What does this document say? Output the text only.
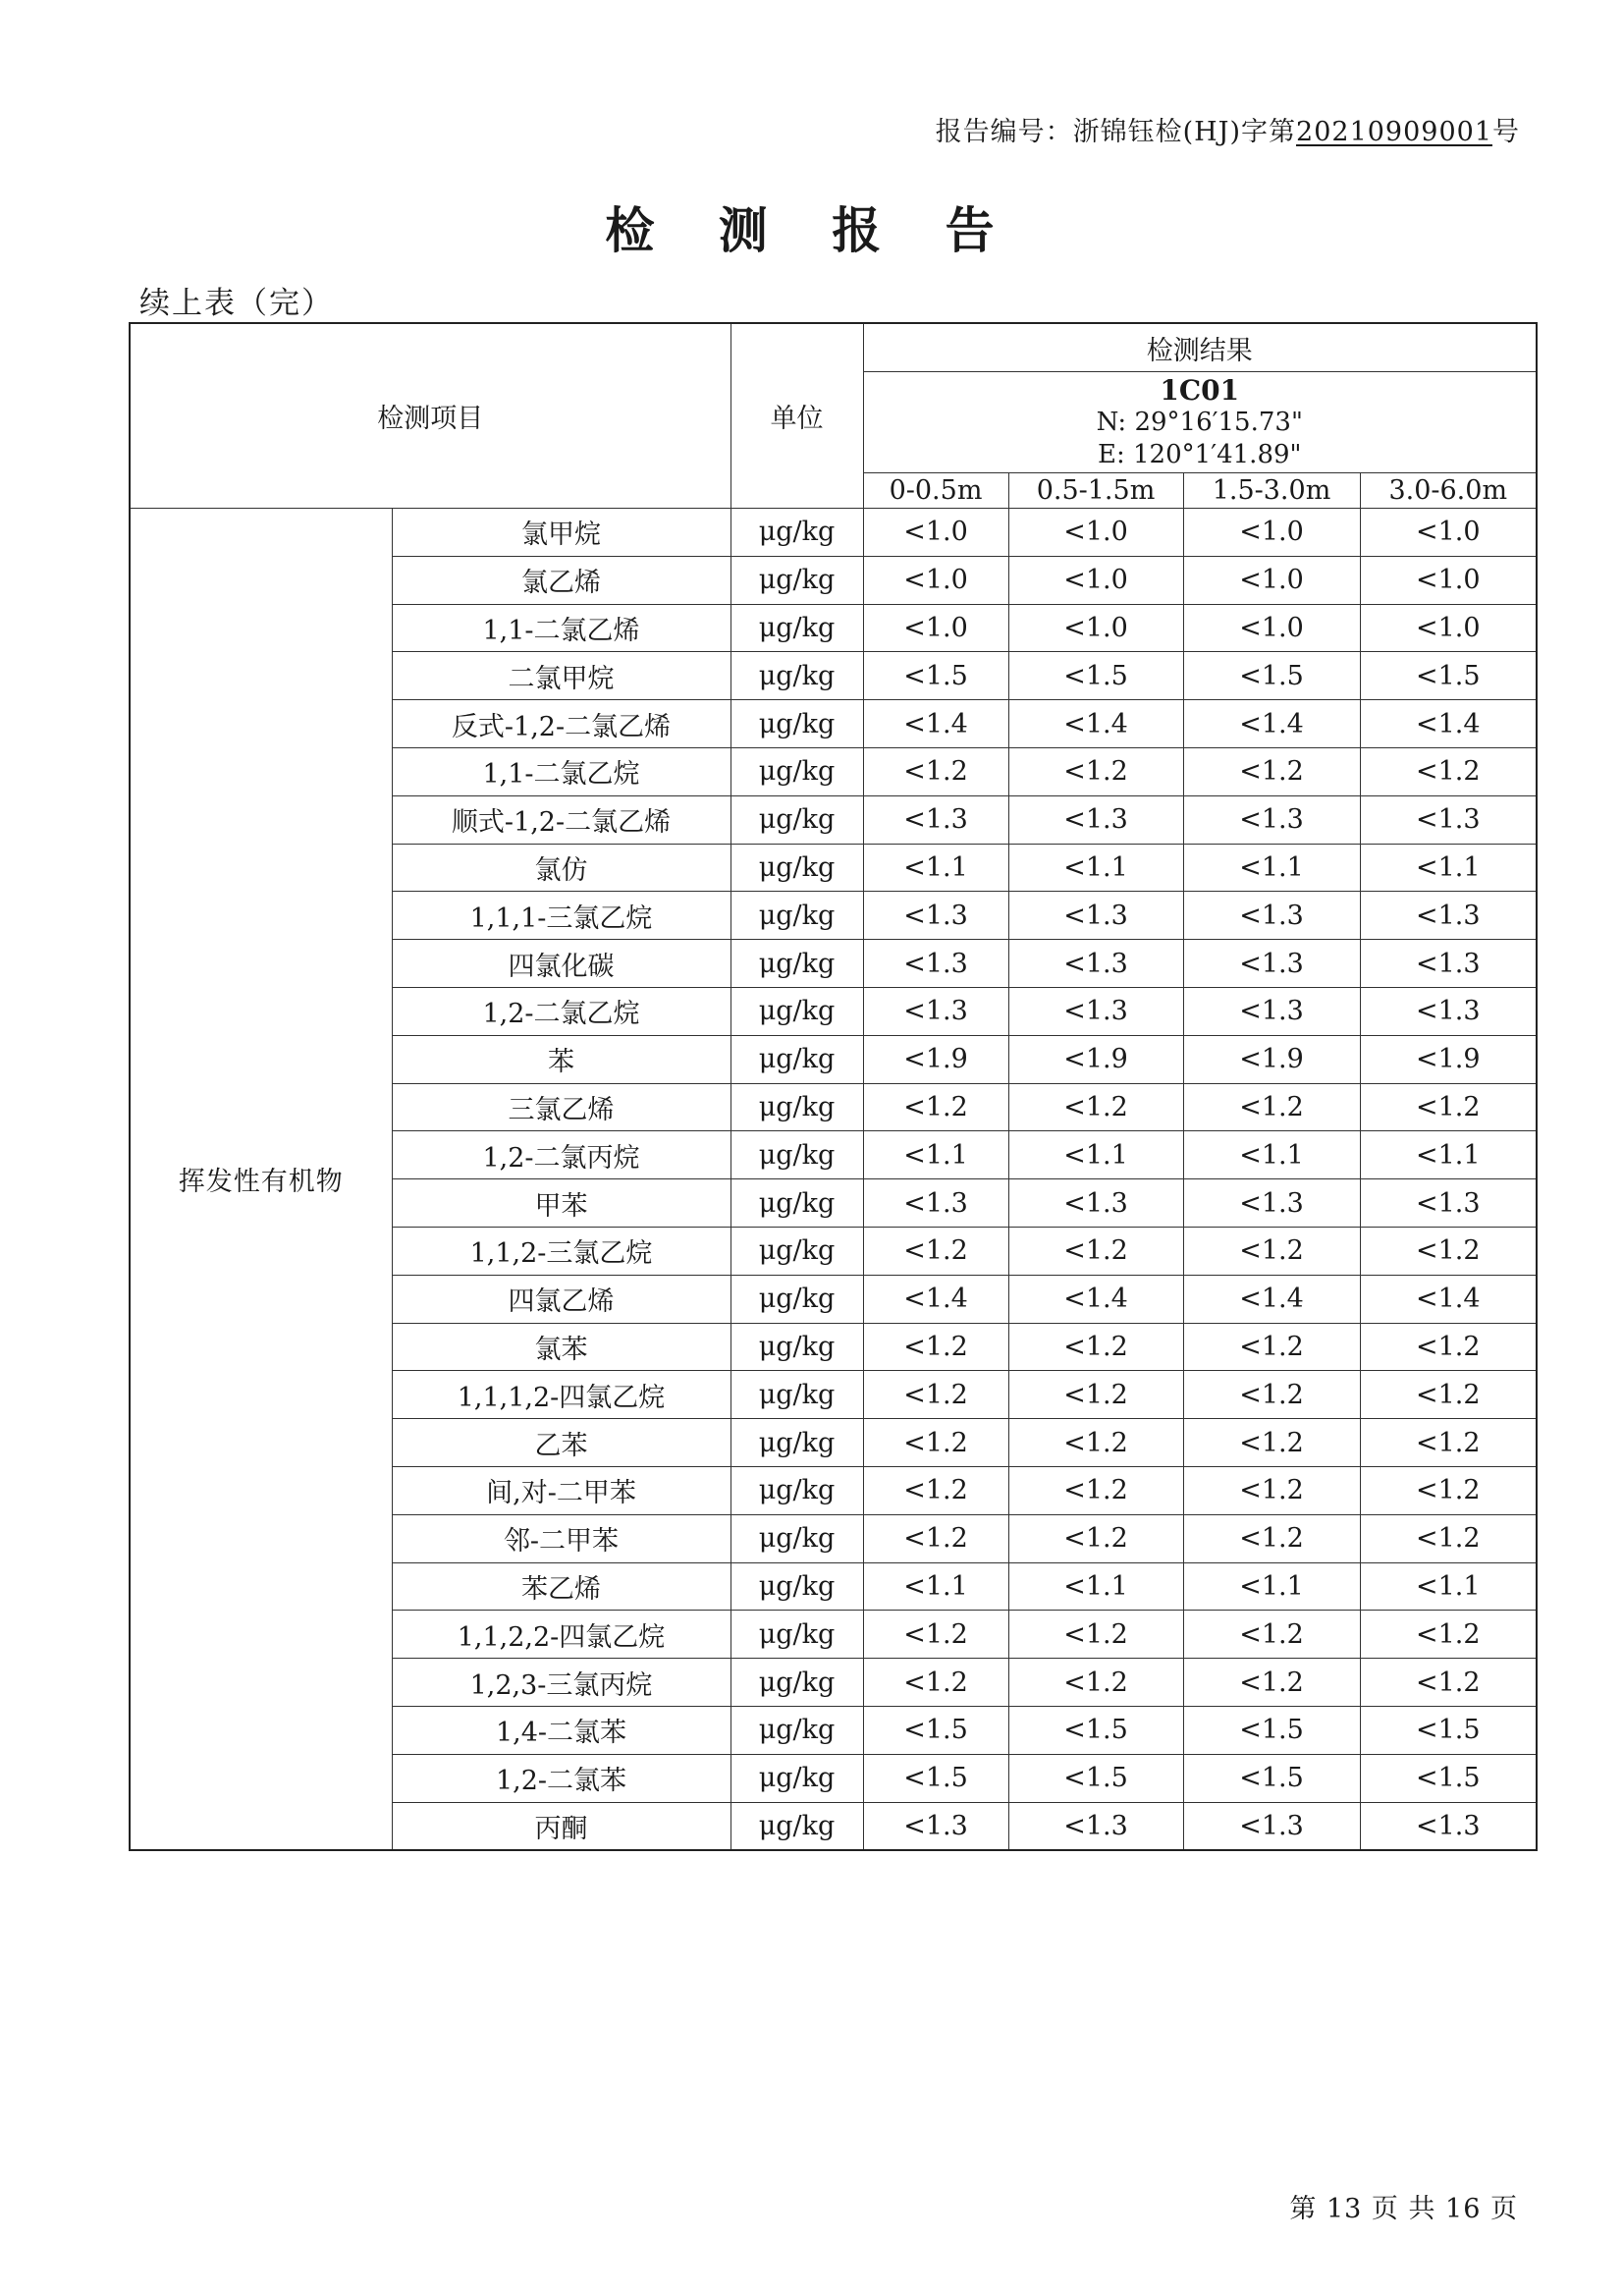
报告编号：浙锦钰检(HJ)字第20210909001号
检 测 报 告
续上表（完）
检测项目		单位	检测结果			

			1C01
N: 29°16′15.73"
E: 120°1′41.89"			

			0-0.5m	0.5-1.5m	1.5-3.0m	3.0-6.0m
挥发性有机物	氯甲烷	μg/kg	<1.0	<1.0	<1.0	<1.0
	氯乙烯	μg/kg	<1.0	<1.0	<1.0	<1.0
	1,1-二氯乙烯	μg/kg	<1.0	<1.0	<1.0	<1.0
	二氯甲烷	μg/kg	<1.5	<1.5	<1.5	<1.5
	反式-1,2-二氯乙烯	μg/kg	<1.4	<1.4	<1.4	<1.4
	1,1-二氯乙烷	μg/kg	<1.2	<1.2	<1.2	<1.2
	顺式-1,2-二氯乙烯	μg/kg	<1.3	<1.3	<1.3	<1.3
	氯仿	μg/kg	<1.1	<1.1	<1.1	<1.1
	1,1,1-三氯乙烷	μg/kg	<1.3	<1.3	<1.3	<1.3
	四氯化碳	μg/kg	<1.3	<1.3	<1.3	<1.3
	1,2-二氯乙烷	μg/kg	<1.3	<1.3	<1.3	<1.3
	苯	μg/kg	<1.9	<1.9	<1.9	<1.9
	三氯乙烯	μg/kg	<1.2	<1.2	<1.2	<1.2
	1,2-二氯丙烷	μg/kg	<1.1	<1.1	<1.1	<1.1
	甲苯	μg/kg	<1.3	<1.3	<1.3	<1.3
	1,1,2-三氯乙烷	μg/kg	<1.2	<1.2	<1.2	<1.2
	四氯乙烯	μg/kg	<1.4	<1.4	<1.4	<1.4
	氯苯	μg/kg	<1.2	<1.2	<1.2	<1.2
	1,1,1,2-四氯乙烷	μg/kg	<1.2	<1.2	<1.2	<1.2
	乙苯	μg/kg	<1.2	<1.2	<1.2	<1.2
	间,对-二甲苯	μg/kg	<1.2	<1.2	<1.2	<1.2
	邻-二甲苯	μg/kg	<1.2	<1.2	<1.2	<1.2
	苯乙烯	μg/kg	<1.1	<1.1	<1.1	<1.1
	1,1,2,2-四氯乙烷	μg/kg	<1.2	<1.2	<1.2	<1.2
	1,2,3-三氯丙烷	μg/kg	<1.2	<1.2	<1.2	<1.2
	1,4-二氯苯	μg/kg	<1.5	<1.5	<1.5	<1.5
	1,2-二氯苯	μg/kg	<1.5	<1.5	<1.5	<1.5
	丙酮	μg/kg	<1.3	<1.3	<1.3	<1.3
第 13 页 共 16 页
